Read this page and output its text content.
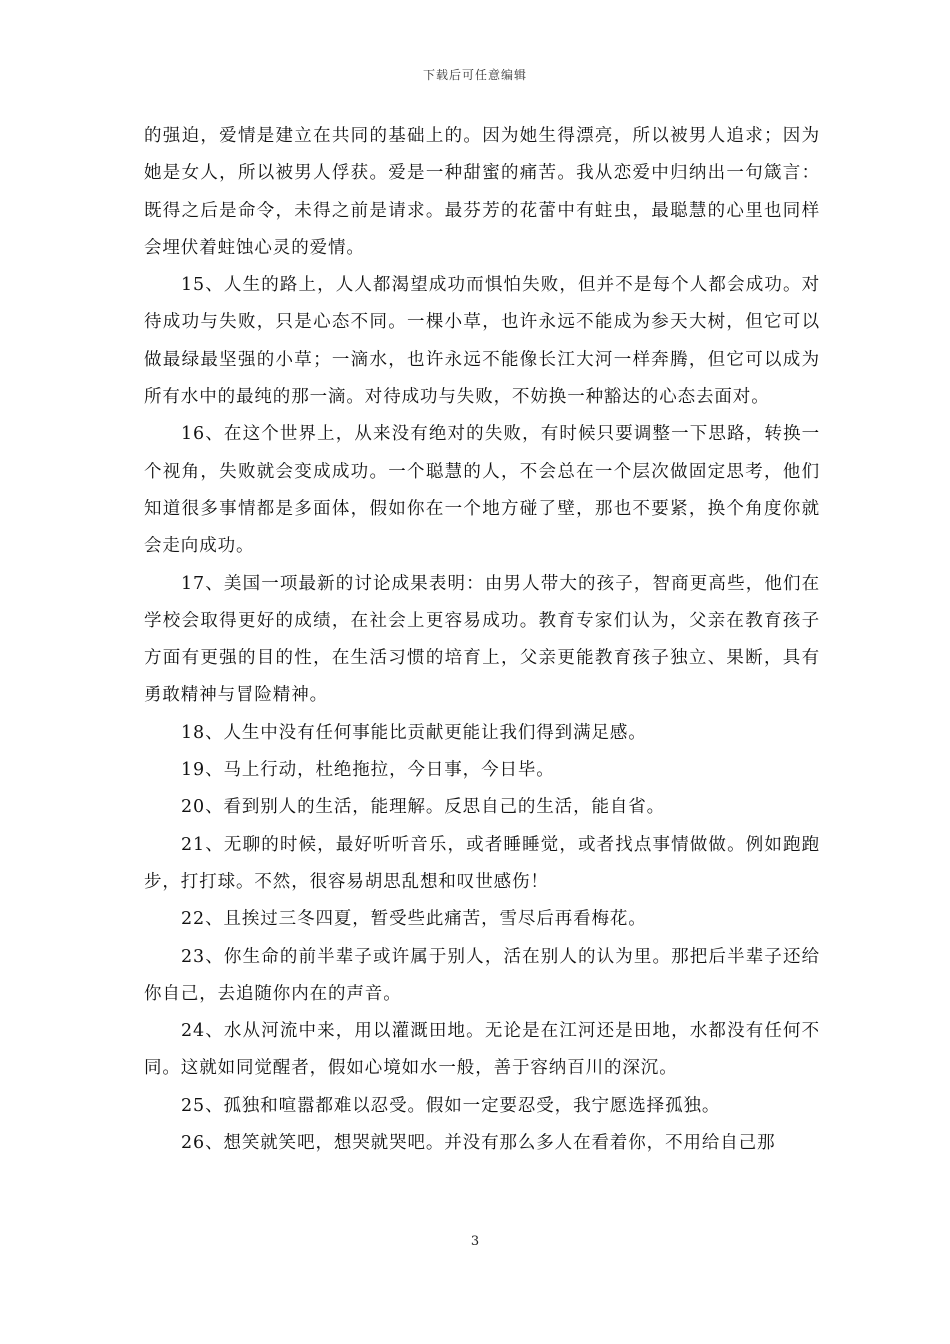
下载后可任意编辑

的强迫，爱情是建立在共同的基础上的。因为她生得漂亮，所以被男人追求；因为她是女人，所以被男人俘获。爱是一种甜蜜的痛苦。我从恋爱中归纳出一句箴言：既得之后是命令，未得之前是请求。最芬芳的花蕾中有蛀虫，最聪慧的心里也同样会埋伏着蛀蚀心灵的爱情。

15、人生的路上，人人都渴望成功而惧怕失败，但并不是每个人都会成功。对待成功与失败，只是心态不同。一棵小草，也许永远不能成为参天大树，但它可以做最绿最坚强的小草；一滴水，也许永远不能像长江大河一样奔腾，但它可以成为所有水中的最纯的那一滴。对待成功与失败，不妨换一种豁达的心态去面对。

16、在这个世界上，从来没有绝对的失败，有时候只要调整一下思路，转换一个视角，失败就会变成成功。一个聪慧的人，不会总在一个层次做固定思考，他们知道很多事情都是多面体，假如你在一个地方碰了壁，那也不要紧，换个角度你就会走向成功。

17、美国一项最新的讨论成果表明：由男人带大的孩子，智商更高些，他们在学校会取得更好的成绩，在社会上更容易成功。教育专家们认为，父亲在教育孩子方面有更强的目的性，在生活习惯的培育上，父亲更能教育孩子独立、果断，具有勇敢精神与冒险精神。

18、人生中没有任何事能比贡献更能让我们得到满足感。

19、马上行动，杜绝拖拉，今日事，今日毕。

20、看到别人的生活，能理解。反思自己的生活，能自省。

21、无聊的时候，最好听听音乐，或者睡睡觉，或者找点事情做做。例如跑跑步，打打球。不然，很容易胡思乱想和叹世感伤！

22、且挨过三冬四夏，暂受些此痛苦，雪尽后再看梅花。

23、你生命的前半辈子或许属于别人，活在别人的认为里。那把后半辈子还给你自己，去追随你内在的声音。

24、水从河流中来，用以灌溉田地。无论是在江河还是田地，水都没有任何不同。这就如同觉醒者，假如心境如水一般，善于容纳百川的深沉。

25、孤独和喧嚣都难以忍受。假如一定要忍受，我宁愿选择孤独。

26、想笑就笑吧，想哭就哭吧。并没有那么多人在看着你，不用给自己那

3
